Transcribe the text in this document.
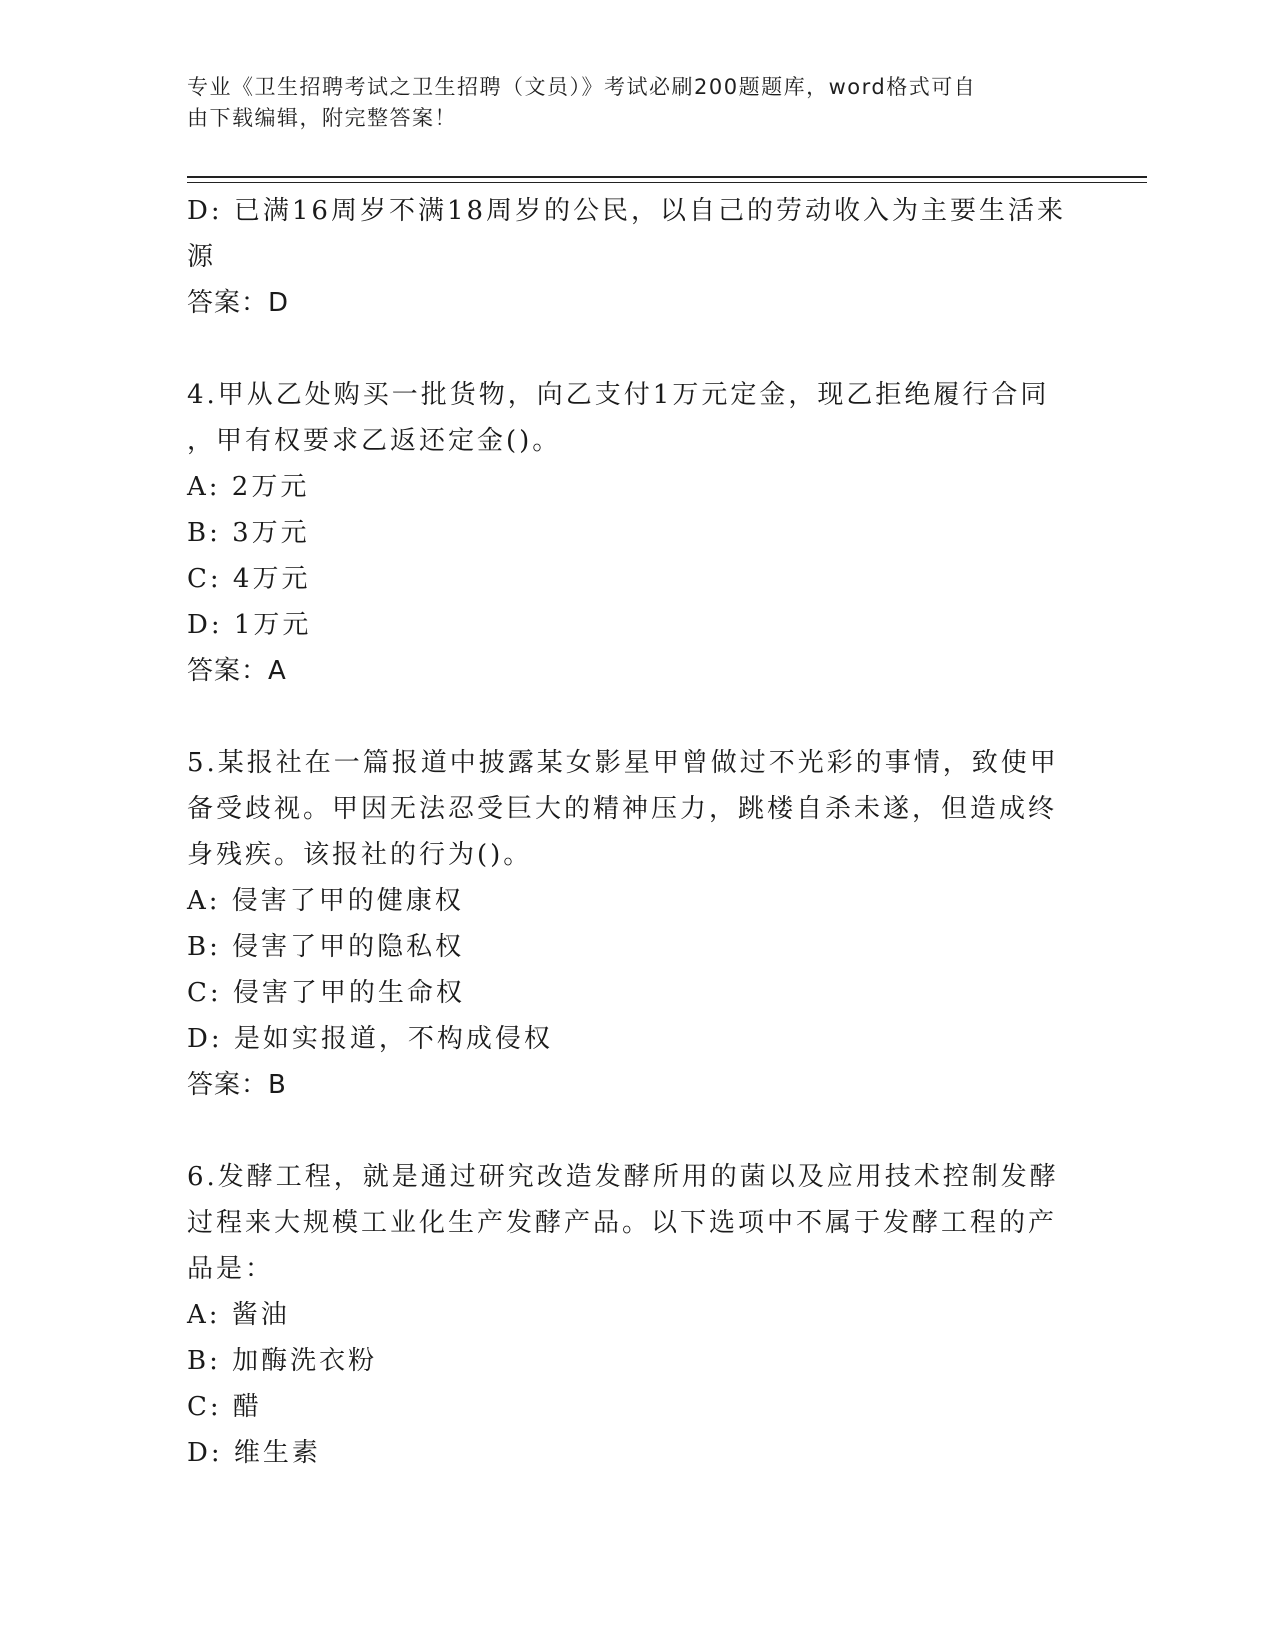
专业《卫生招聘考试之卫生招聘（文员）》考试必刷200题题库，word格式可自
由下载编辑，附完整答案！

D: 已满16周岁不满18周岁的公民，以自己的劳动收入为主要生活来

源

答案：D

4.甲从乙处购买一批货物，向乙支付1万元定金，现乙拒绝履行合同

，甲有权要求乙返还定金()。

A: 2万元

B: 3万元

C: 4万元

D: 1万元

答案：A

5.某报社在一篇报道中披露某女影星甲曾做过不光彩的事情，致使甲

备受歧视。甲因无法忍受巨大的精神压力，跳楼自杀未遂，但造成终

身残疾。该报社的行为()。

A: 侵害了甲的健康权

B: 侵害了甲的隐私权

C: 侵害了甲的生命权

D: 是如实报道，不构成侵权

答案：B

6.发酵工程，就是通过研究改造发酵所用的菌以及应用技术控制发酵

过程来大规模工业化生产发酵产品。以下选项中不属于发酵工程的产

品是：

A: 酱油

B: 加酶洗衣粉

C: 醋

D: 维生素
